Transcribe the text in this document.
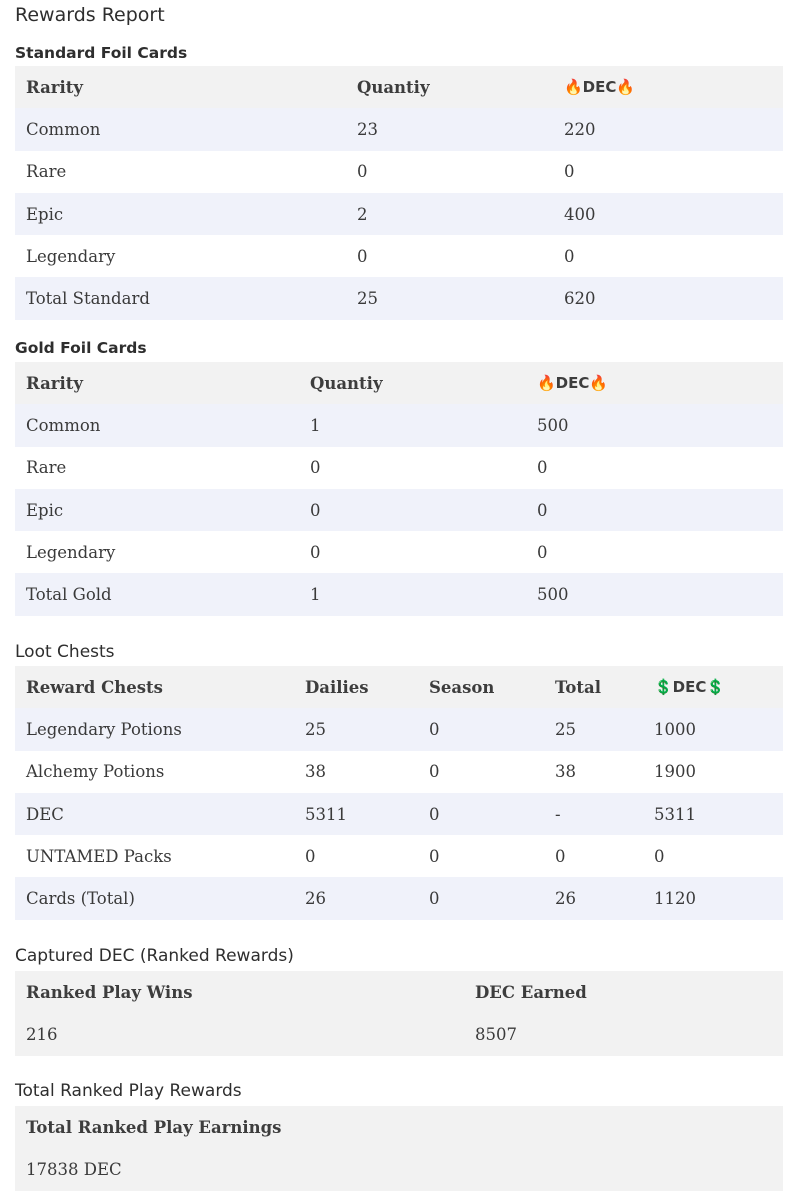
Rewards Report
Standard Foil Cards
Rarity	Quantiy	🔥DEC🔥
Common	23	220
Rare	0	0
Epic	2	400
Legendary	0	0
Total Standard	25	620
Gold Foil Cards
Rarity	Quantiy	🔥DEC🔥
Common	1	500
Rare	0	0
Epic	0	0
Legendary	0	0
Total Gold	1	500
Loot Chests
Reward Chests	Dailies	Season	Total	💲DEC💲
Legendary Potions	25	0	25	1000
Alchemy Potions	38	0	38	1900
DEC	5311	0	-	5311
UNTAMED Packs	0	0	0	0
Cards (Total)	26	0	26	1120
Captured DEC (Ranked Rewards)
Ranked Play Wins	DEC Earned
216	8507
Total Ranked Play Rewards
Total Ranked Play Earnings
17838 DEC
